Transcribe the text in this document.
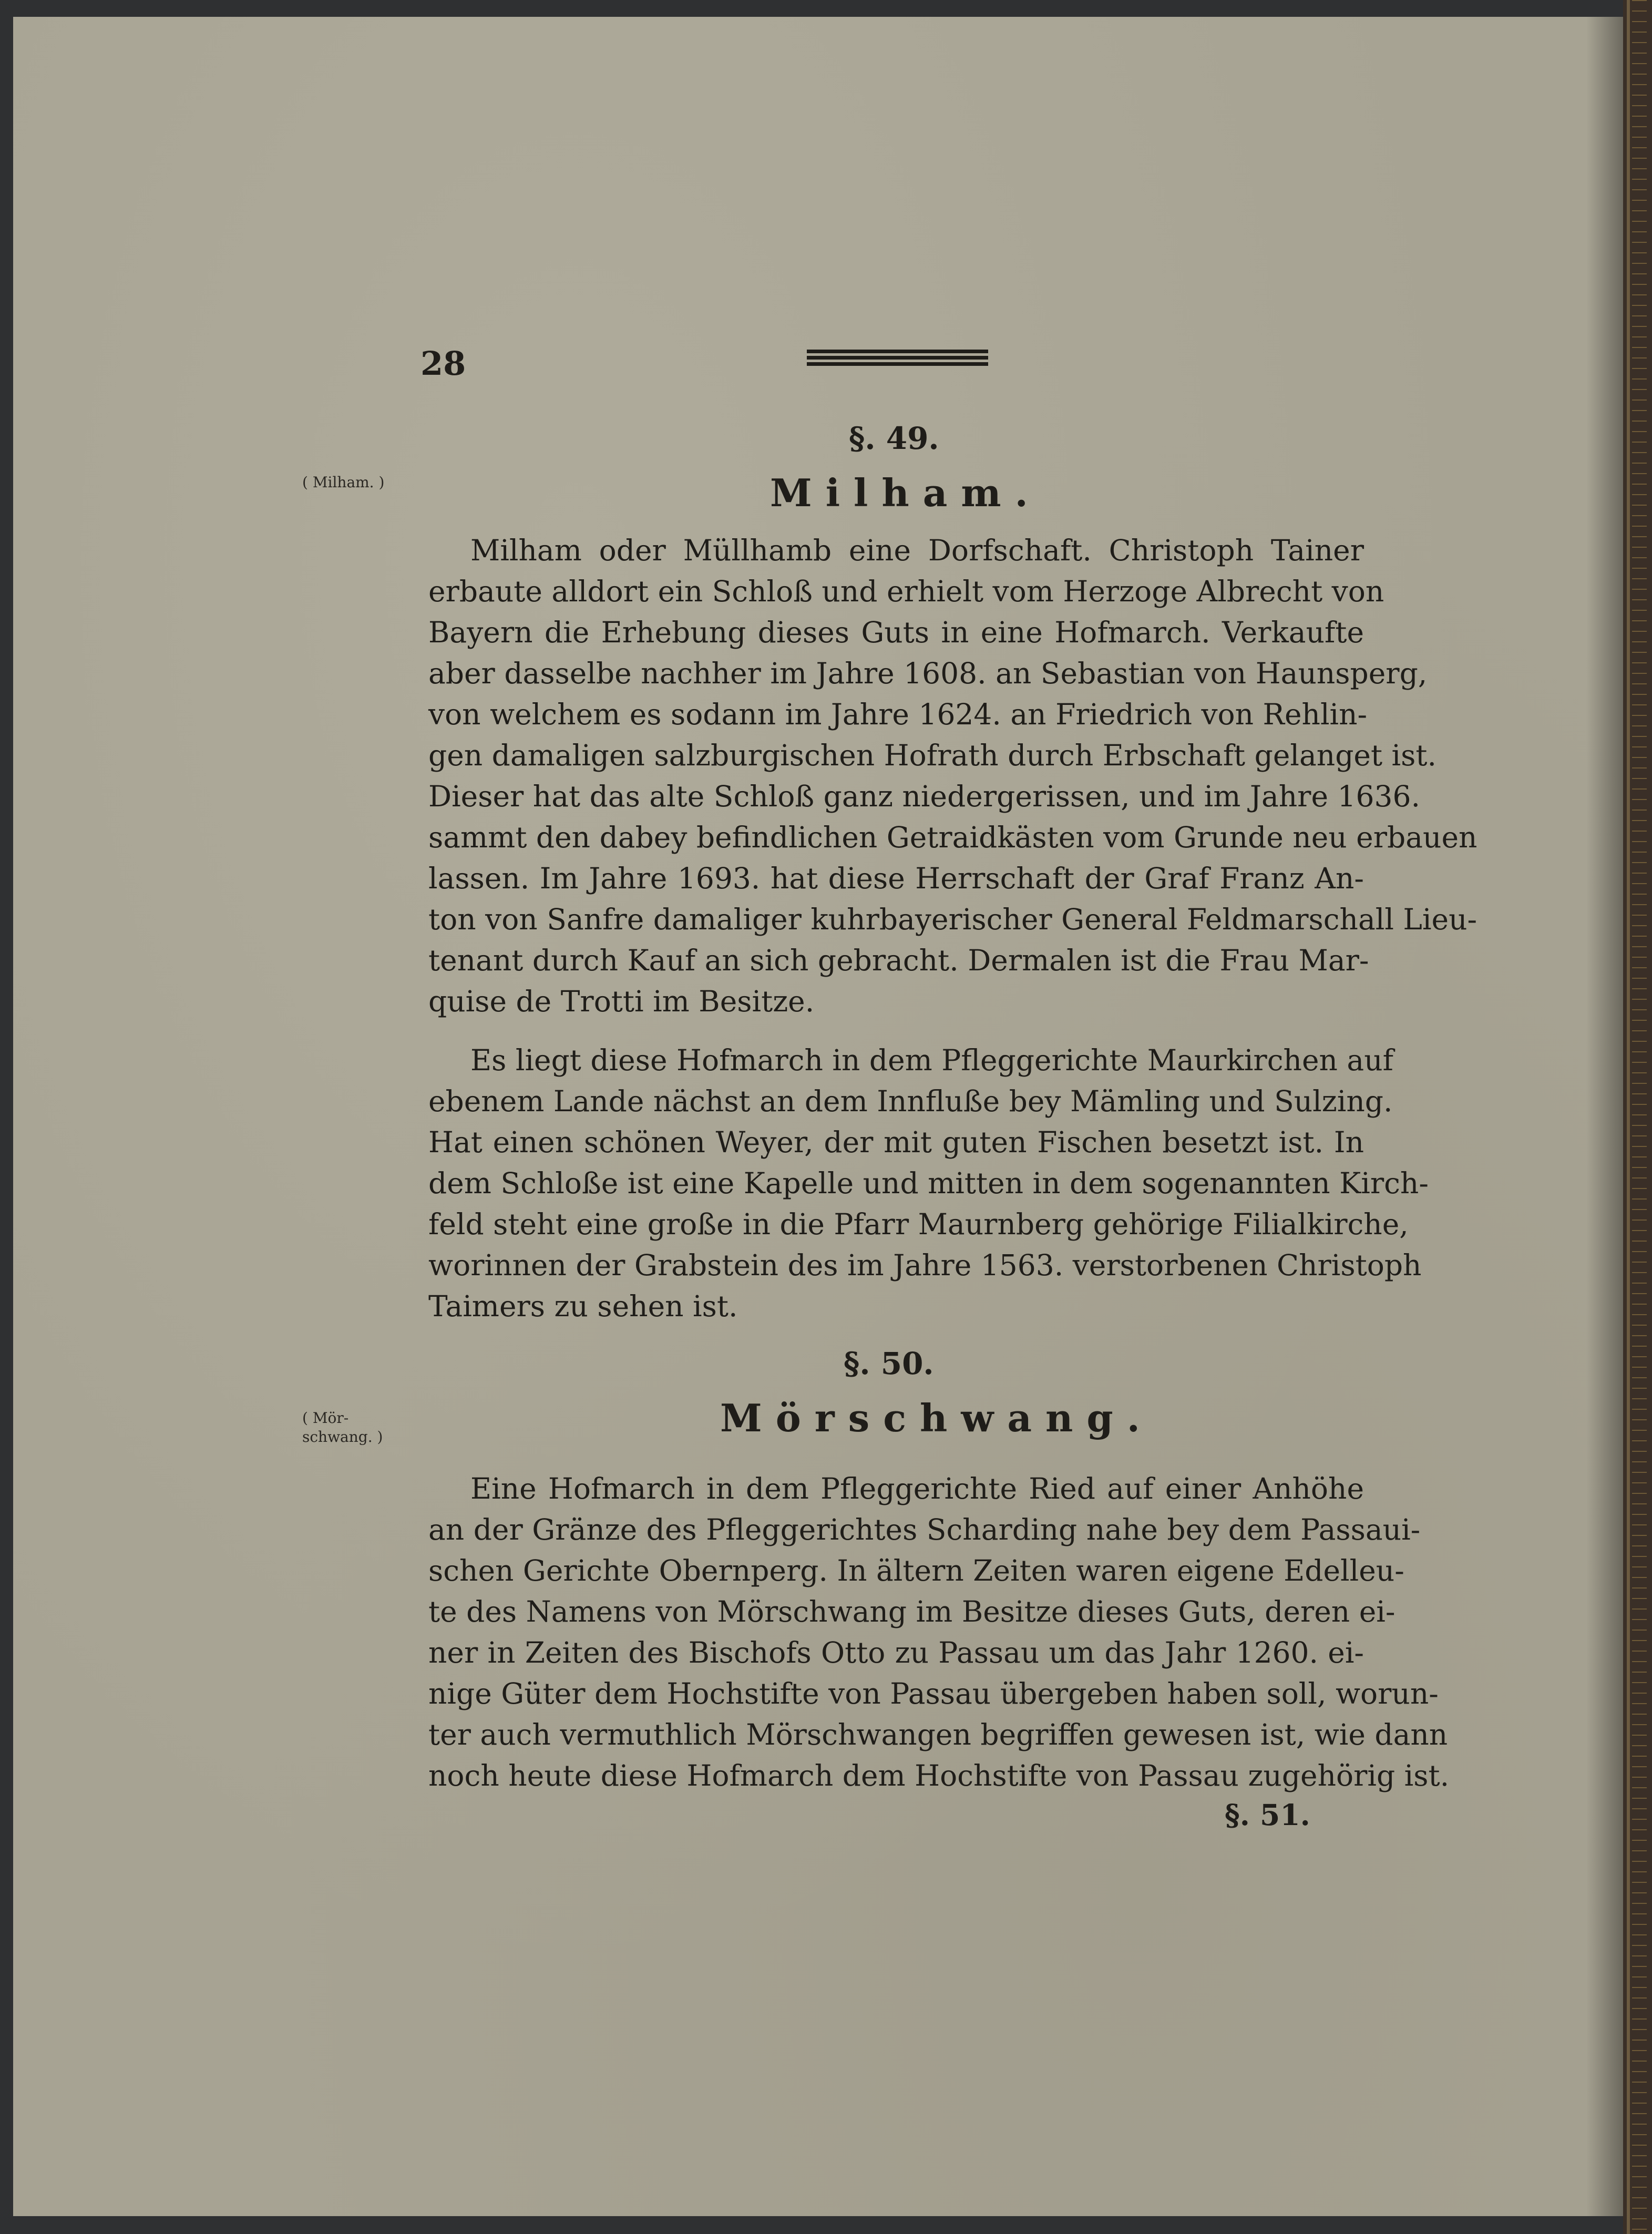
28
§. 49.
Milham.
( Milham. )
Milham oder Müllhamb eine Dorfschaft. Christoph Tainer
erbaute alldort ein Schloß und erhielt vom Herzoge Albrecht von
Bayern die Erhebung dieses Guts in eine Hofmarch. Verkaufte
aber dasselbe nachher im Jahre 1608. an Sebastian von Haunsperg,
von welchem es sodann im Jahre 1624. an Friedrich von Rehlin-
gen damaligen salzburgischen Hofrath durch Erbschaft gelanget ist.
Dieser hat das alte Schloß ganz niedergerissen, und im Jahre 1636.
sammt den dabey befindlichen Getraidkästen vom Grunde neu erbauen
lassen. Im Jahre 1693. hat diese Herrschaft der Graf Franz An-
ton von Sanfre damaliger kuhrbayerischer General Feldmarschall Lieu-
tenant durch Kauf an sich gebracht. Dermalen ist die Frau Mar-
quise de Trotti im Besitze.
Es liegt diese Hofmarch in dem Pfleggerichte Maurkirchen auf
ebenem Lande nächst an dem Innfluße bey Mämling und Sulzing.
Hat einen schönen Weyer, der mit guten Fischen besetzt ist. In
dem Schloße ist eine Kapelle und mitten in dem sogenannten Kirch-
feld steht eine große in die Pfarr Maurnberg gehörige Filialkirche,
worinnen der Grabstein des im Jahre 1563. verstorbenen Christoph
Taimers zu sehen ist.
§. 50.
Mörschwang.
( Mör-
schwang. )
Eine Hofmarch in dem Pfleggerichte Ried auf einer Anhöhe
an der Gränze des Pfleggerichtes Scharding nahe bey dem Passaui-
schen Gerichte Obernperg. In ältern Zeiten waren eigene Edelleu-
te des Namens von Mörschwang im Besitze dieses Guts, deren ei-
ner in Zeiten des Bischofs Otto zu Passau um das Jahr 1260. ei-
nige Güter dem Hochstifte von Passau übergeben haben soll, worun-
ter auch vermuthlich Mörschwangen begriffen gewesen ist, wie dann
noch heute diese Hofmarch dem Hochstifte von Passau zugehörig ist.
§. 51.
